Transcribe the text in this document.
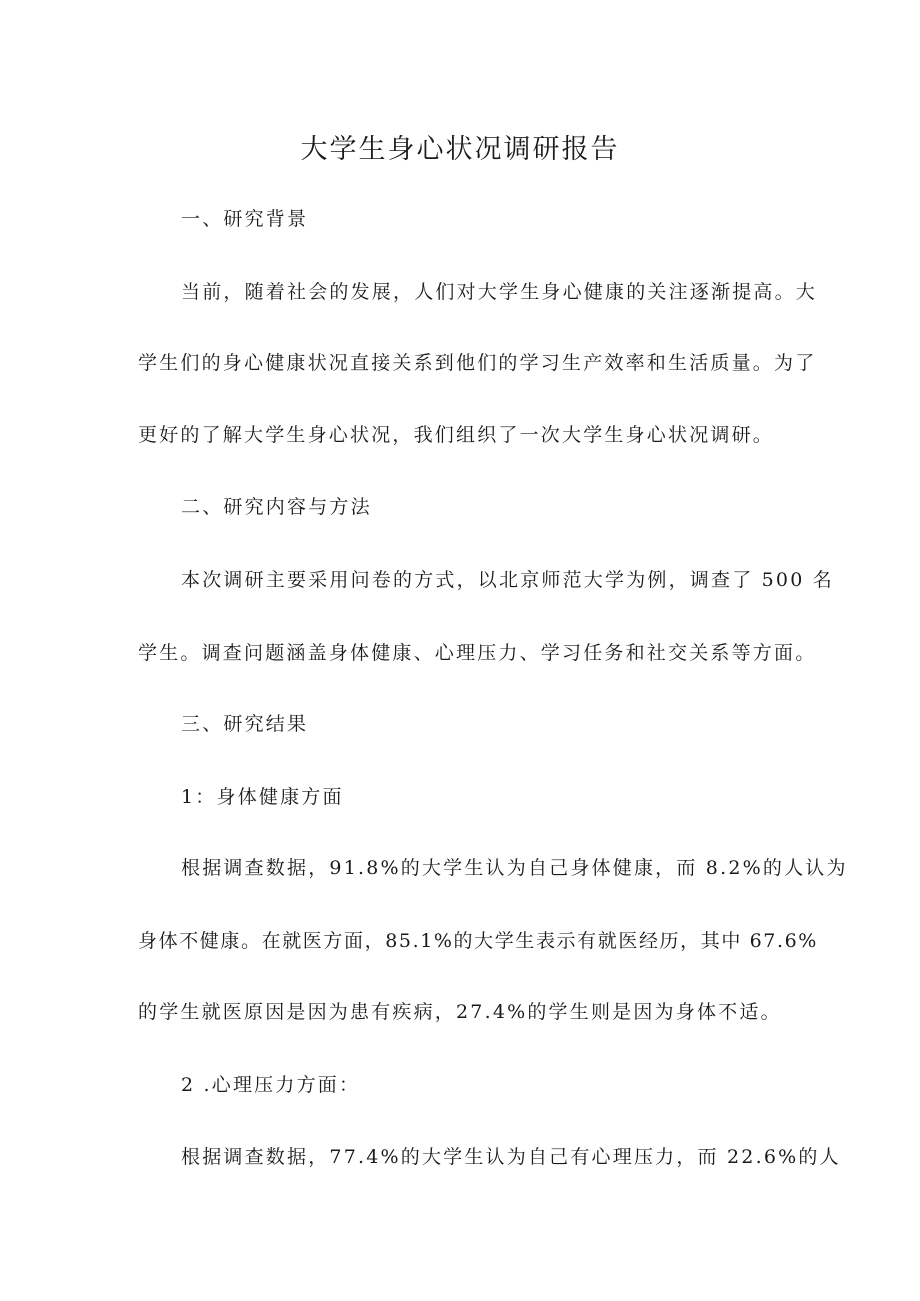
大学生身心状况调研报告

一、研究背景

当前，随着社会的发展，人们对大学生身心健康的关注逐渐提高。大

学生们的身心健康状况直接关系到他们的学习生产效率和生活质量。为了

更好的了解大学生身心状况，我们组织了一次大学生身心状况调研。

二、研究内容与方法

本次调研主要采用问卷的方式，以北京师范大学为例，调查了 500 名

学生。调查问题涵盖身体健康、心理压力、学习任务和社交关系等方面。

三、研究结果

1：身体健康方面

根据调查数据，91.8%的大学生认为自己身体健康，而 8.2%的人认为

身体不健康。在就医方面，85.1%的大学生表示有就医经历，其中 67.6%

的学生就医原因是因为患有疾病，27.4%的学生则是因为身体不适。

2 .心理压力方面：

根据调查数据，77.4%的大学生认为自己有心理压力，而 22.6%的人
